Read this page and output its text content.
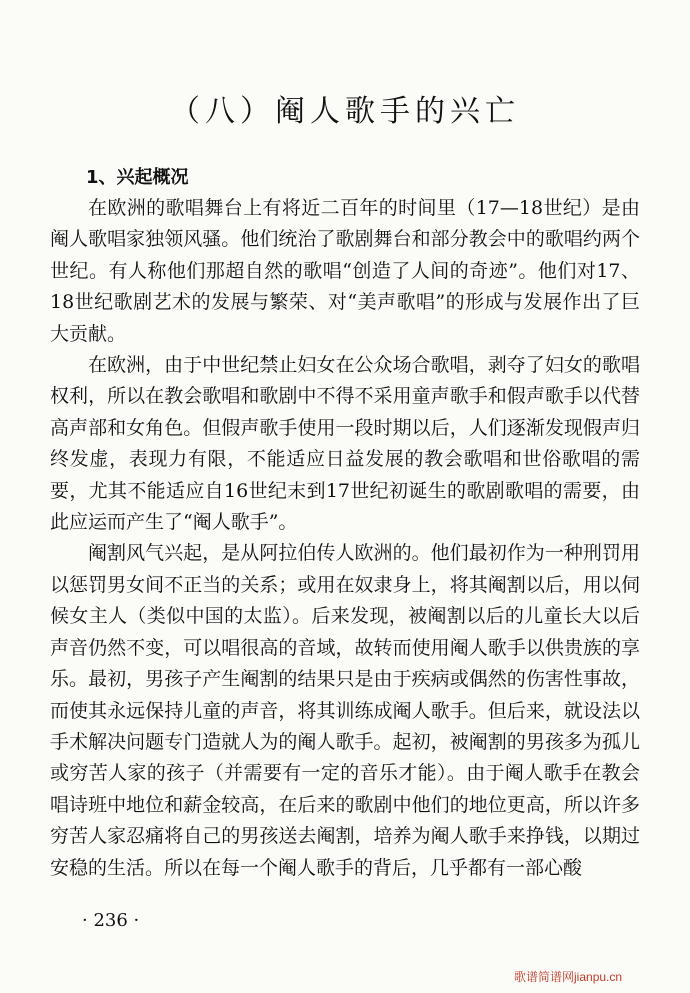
（八）阉人歌手的兴亡
1、兴起概况

在欧洲的歌唱舞台上有将近二百年的时间里（17—18世纪）是由阉人歌唱家独领风骚。他们统治了歌剧舞台和部分教会中的歌唱约两个世纪。有人称他们那超自然的歌唱“创造了人间的奇迹”。他们对17、18世纪歌剧艺术的发展与繁荣、对“美声歌唱”的形成与发展作出了巨大贡献。

在欧洲，由于中世纪禁止妇女在公众场合歌唱，剥夺了妇女的歌唱权利，所以在教会歌唱和歌剧中不得不采用童声歌手和假声歌手以代替高声部和女角色。但假声歌手使用一段时期以后，人们逐渐发现假声归终发虚，表现力有限，不能适应日益发展的教会歌唱和世俗歌唱的需要，尤其不能适应自16世纪末到17世纪初诞生的歌剧歌唱的需要，由此应运而产生了“阉人歌手”。

阉割风气兴起，是从阿拉伯传人欧洲的。他们最初作为一种刑罚用以惩罚男女间不正当的关系；或用在奴隶身上，将其阉割以后，用以伺候女主人（类似中国的太监）。后来发现，被阉割以后的儿童长大以后声音仍然不变，可以唱很高的音域，故转而使用阉人歌手以供贵族的享乐。最初，男孩子产生阉割的结果只是由于疾病或偶然的伤害性事故，而使其永远保持儿童的声音，将其训练成阉人歌手。但后来，就设法以手术解决问题专门造就人为的阉人歌手。起初，被阉割的男孩多为孤儿或穷苦人家的孩子（并需要有一定的音乐才能）。由于阉人歌手在教会唱诗班中地位和薪金较高，在后来的歌剧中他们的地位更高，所以许多穷苦人家忍痛将自己的男孩送去阉割，培养为阉人歌手来挣钱，以期过安稳的生活。所以在每一个阉人歌手的背后，几乎都有一部心酸

· 236 ·
歌谱简谱网jianpu.cn
